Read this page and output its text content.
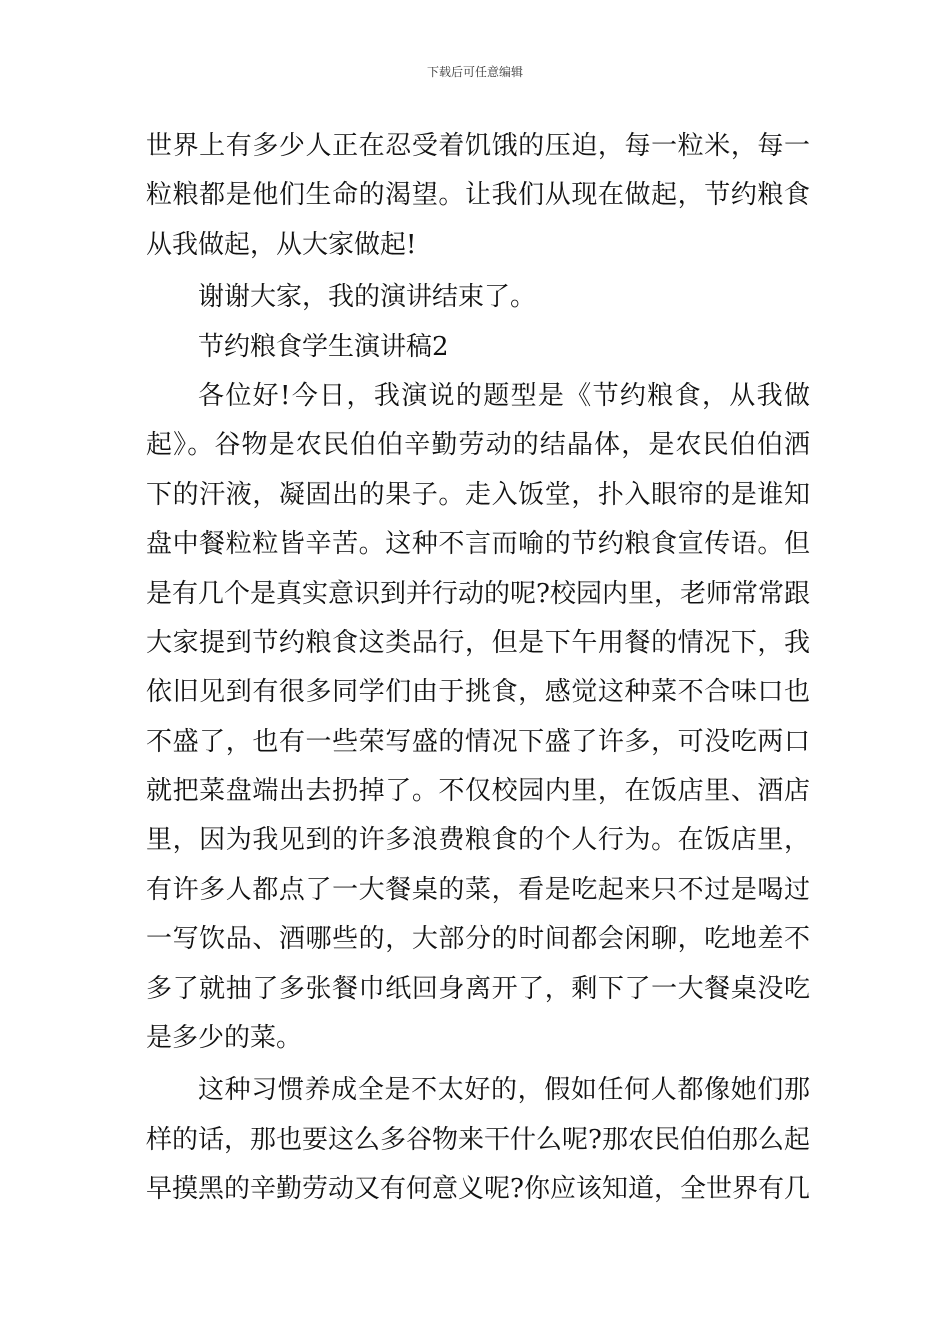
下载后可任意编辑
世界上有多少人正在忍受着饥饿的压迫，每一粒米，每一
粒粮都是他们生命的渴望。让我们从现在做起，节约粮食
从我做起，从大家做起!
谢谢大家，我的演讲结束了。
节约粮食学生演讲稿2
各位好!今日，我演说的题型是《节约粮食，从我做
起》。谷物是农民伯伯辛勤劳动的结晶体，是农民伯伯洒
下的汗液，凝固出的果子。走入饭堂，扑入眼帘的是谁知
盘中餐粒粒皆辛苦。这种不言而喻的节约粮食宣传语。但
是有几个是真实意识到并行动的呢?校园内里，老师常常跟
大家提到节约粮食这类品行，但是下午用餐的情况下，我
依旧见到有很多同学们由于挑食，感觉这种菜不合味口也
不盛了，也有一些荣写盛的情况下盛了许多，可没吃两口
就把菜盘端出去扔掉了。不仅校园内里，在饭店里、酒店
里，因为我见到的许多浪费粮食的个人行为。在饭店里，
有许多人都点了一大餐桌的菜，看是吃起来只不过是喝过
一写饮品、酒哪些的，大部分的时间都会闲聊，吃地差不
多了就抽了多张餐巾纸回身离开了，剩下了一大餐桌没吃
是多少的菜。
这种习惯养成全是不太好的，假如任何人都像她们那
样的话，那也要这么多谷物来干什么呢?那农民伯伯那么起
早摸黑的辛勤劳动又有何意义呢?你应该知道，全世界有几
